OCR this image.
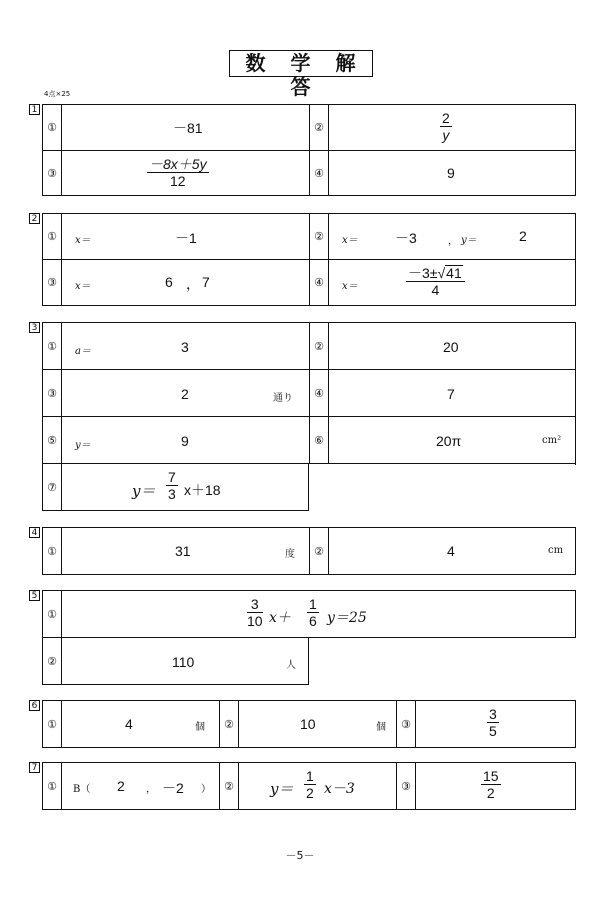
数 学 解 答
4点×25
1
①	－81	②	$\frac{2}{y}$
③	$\frac{-8x+5y}{12}$	④	9
2
①	x＝	－1	②	x＝	－3	， y＝	2
③	x＝	6 ， 7	④	x＝	$\frac{-3\pm√41}{4}$
3
①	a＝	3	②	20
③	2	通り	④	7
⑤	y＝	9	⑥	20π	cm²
⑦	$y= \frac{7}{3} x+18$
4
①	31	度	②	4	cm
5
①	$\frac{3}{10} x+ \frac{1}{6} y=25$
②	110	人
6
①	4	個	②	10	個	③	$\frac{3}{5}$
7
①	B（ 2 ， －2 ）	②	$y= \frac{1}{2} x-3$	③	$\frac{15}{2}$
－5－
